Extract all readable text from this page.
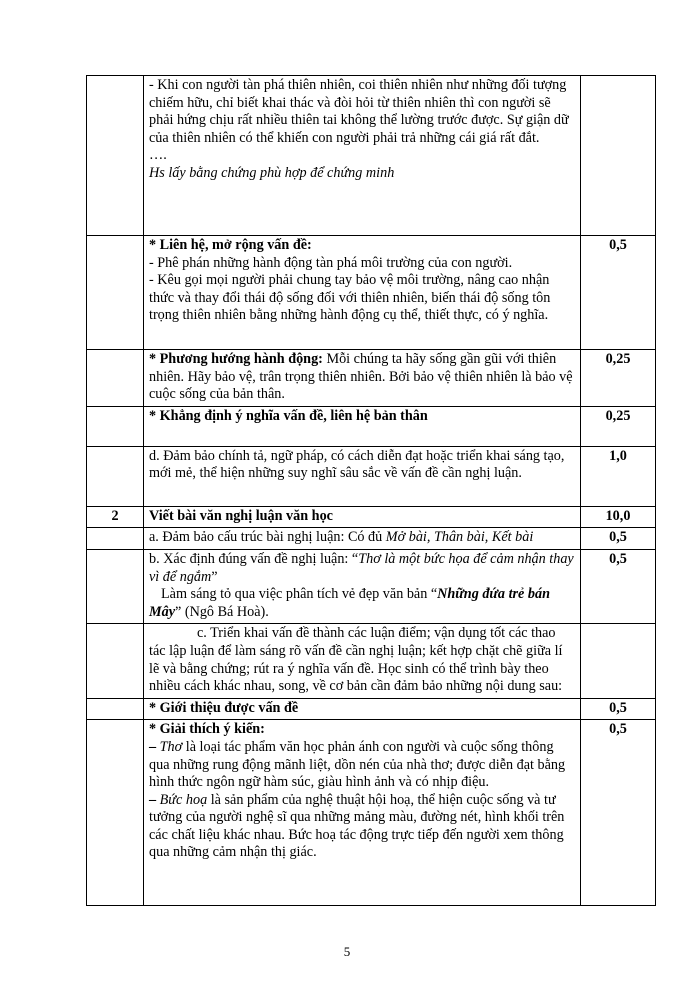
	- Khi con người tàn phá thiên nhiên, coi thiên nhiên như những đối tượng chiếm hữu, chỉ biết khai thác và đòi hỏi từ thiên nhiên thì con người sẽ phải hứng chịu rất nhiều thiên tai không thể lường trước được. Sự giận dữ của thiên nhiên có thể khiến con người phải trả những cái giá rất đắt.

….

Hs lấy bằng chứng phù hợp để chứng minh	

	* Liên hệ, mở rộng vấn đề:

- Phê phán những hành động tàn phá môi trường của con người.

- Kêu gọi mọi người phải chung tay bảo vệ môi trường, nâng cao nhận thức và thay đổi thái độ sống đối với thiên nhiên, biến thái độ sống tôn trọng thiên nhiên bằng những hành động cụ thể, thiết thực, có ý nghĩa.	0,5

	* Phương hướng hành động: Mỗi chúng ta hãy sống gần gũi với thiên nhiên. Hãy bảo vệ, trân trọng thiên nhiên. Bởi bảo vệ thiên nhiên là bảo vệ cuộc sống của bản thân.	0,25
	* Khẳng định ý nghĩa vấn đề, liên hệ bản thân	0,25
	d. Đảm bảo chính tả, ngữ pháp, có cách diễn đạt hoặc triển khai sáng tạo, mới mẻ, thể hiện những suy nghĩ sâu sắc về vấn đề cần nghị luận.	1,0
2	Viết bài văn nghị luận văn học	10,0
	a. Đảm bảo cấu trúc bài nghị luận: Có đủ Mở bài, Thân bài, Kết bài	0,5

	b. Xác định đúng vấn đề nghị luận: “Thơ là một bức họa để cảm nhận thay vì để ngắm”

Làm sáng tỏ qua việc phân tích vẻ đẹp văn bản “Những đứa trẻ bán Mây” (Ngô Bá Hoà).	0,5

	c. Triển khai vấn đề thành các luận điểm; vận dụng tốt các thao tác lập luận để làm sáng rõ vấn đề cần nghị luận; kết hợp chặt chẽ giữa lí lẽ và bằng chứng; rút ra ý nghĩa vấn đề. Học sinh có thể trình bày theo nhiều cách khác nhau, song, về cơ bản cần đảm bảo những nội dung sau:	

	* Giới thiệu được vấn đề	0,5

	* Giải thích ý kiến:

– Thơ là loại tác phẩm văn học phản ánh con người và cuộc sống thông qua những rung động mãnh liệt, dồn nén của nhà thơ; được diễn đạt bằng hình thức ngôn ngữ hàm súc, giàu hình ảnh và có nhịp điệu.

– Bức hoạ là sản phẩm của nghệ thuật hội hoạ, thể hiện cuộc sống và tư tưởng của người nghệ sĩ qua những mảng màu, đường nét, hình khối trên các chất liệu khác nhau. Bức hoạ tác động trực tiếp đến người xem thông qua những cảm nhận thị giác.	0,5
5
